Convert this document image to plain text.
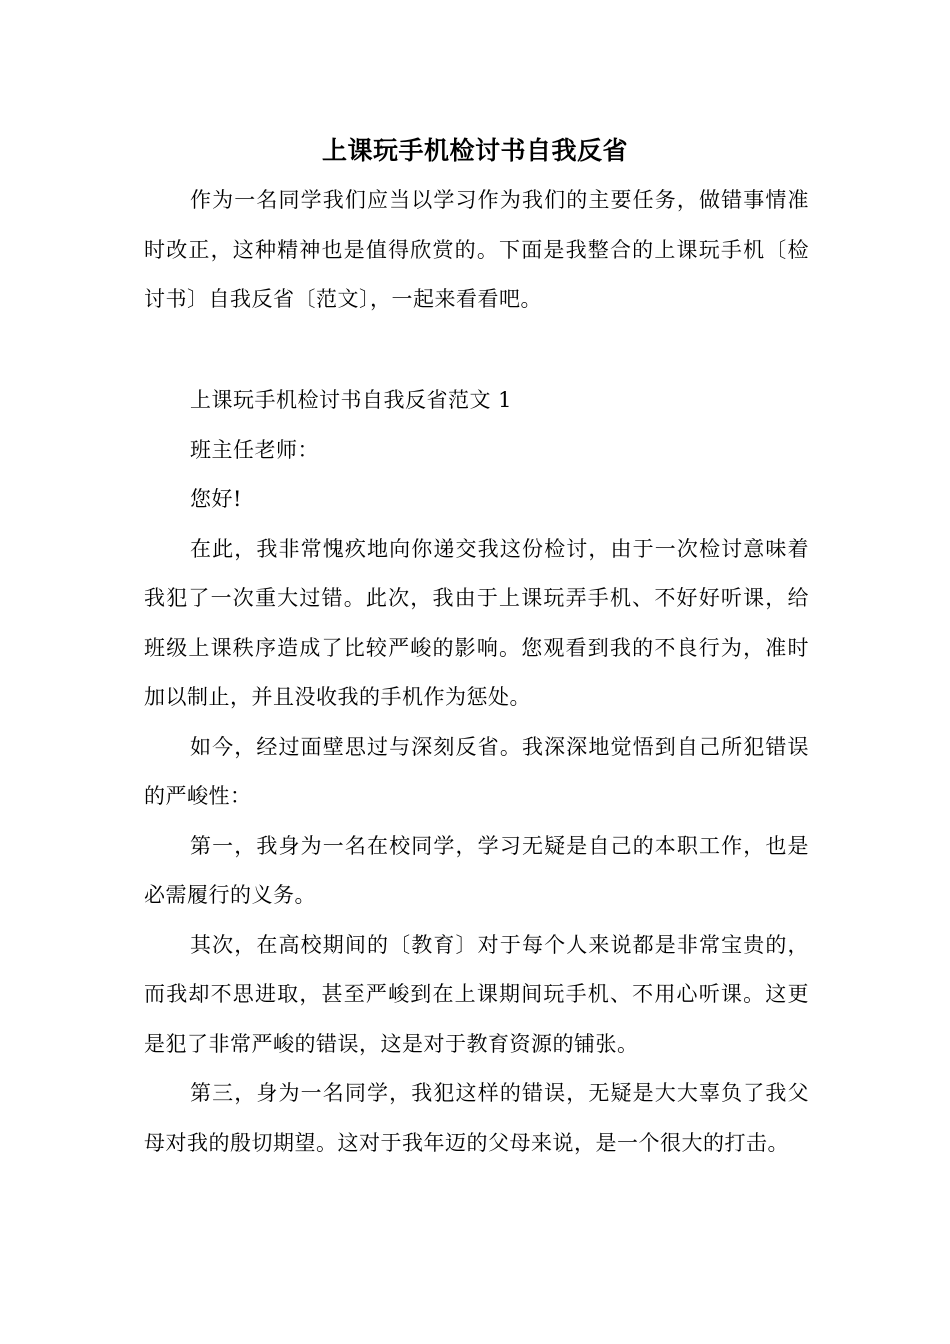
上课玩手机检讨书自我反省

作为一名同学我们应当以学习作为我们的主要任务，做错事情准时改正，这种精神也是值得欣赏的。下面是我整合的上课玩手机〔检讨书〕自我反省〔范文〕，一起来看看吧。

上课玩手机检讨书自我反省范文 1

班主任老师：

您好!

在此，我非常愧疚地向你递交我这份检讨，由于一次检讨意味着我犯了一次重大过错。此次，我由于上课玩弄手机、不好好听课，给班级上课秩序造成了比较严峻的影响。您观看到我的不良行为，准时加以制止，并且没收我的手机作为惩处。

如今，经过面壁思过与深刻反省。我深深地觉悟到自己所犯错误的严峻性：

第一，我身为一名在校同学，学习无疑是自己的本职工作，也是必需履行的义务。

其次，在高校期间的〔教育〕对于每个人来说都是非常宝贵的，而我却不思进取，甚至严峻到在上课期间玩手机、不用心听课。这更是犯了非常严峻的错误，这是对于教育资源的铺张。

第三，身为一名同学，我犯这样的错误，无疑是大大辜负了我父母对我的殷切期望。这对于我年迈的父母来说，是一个很大的打击。
